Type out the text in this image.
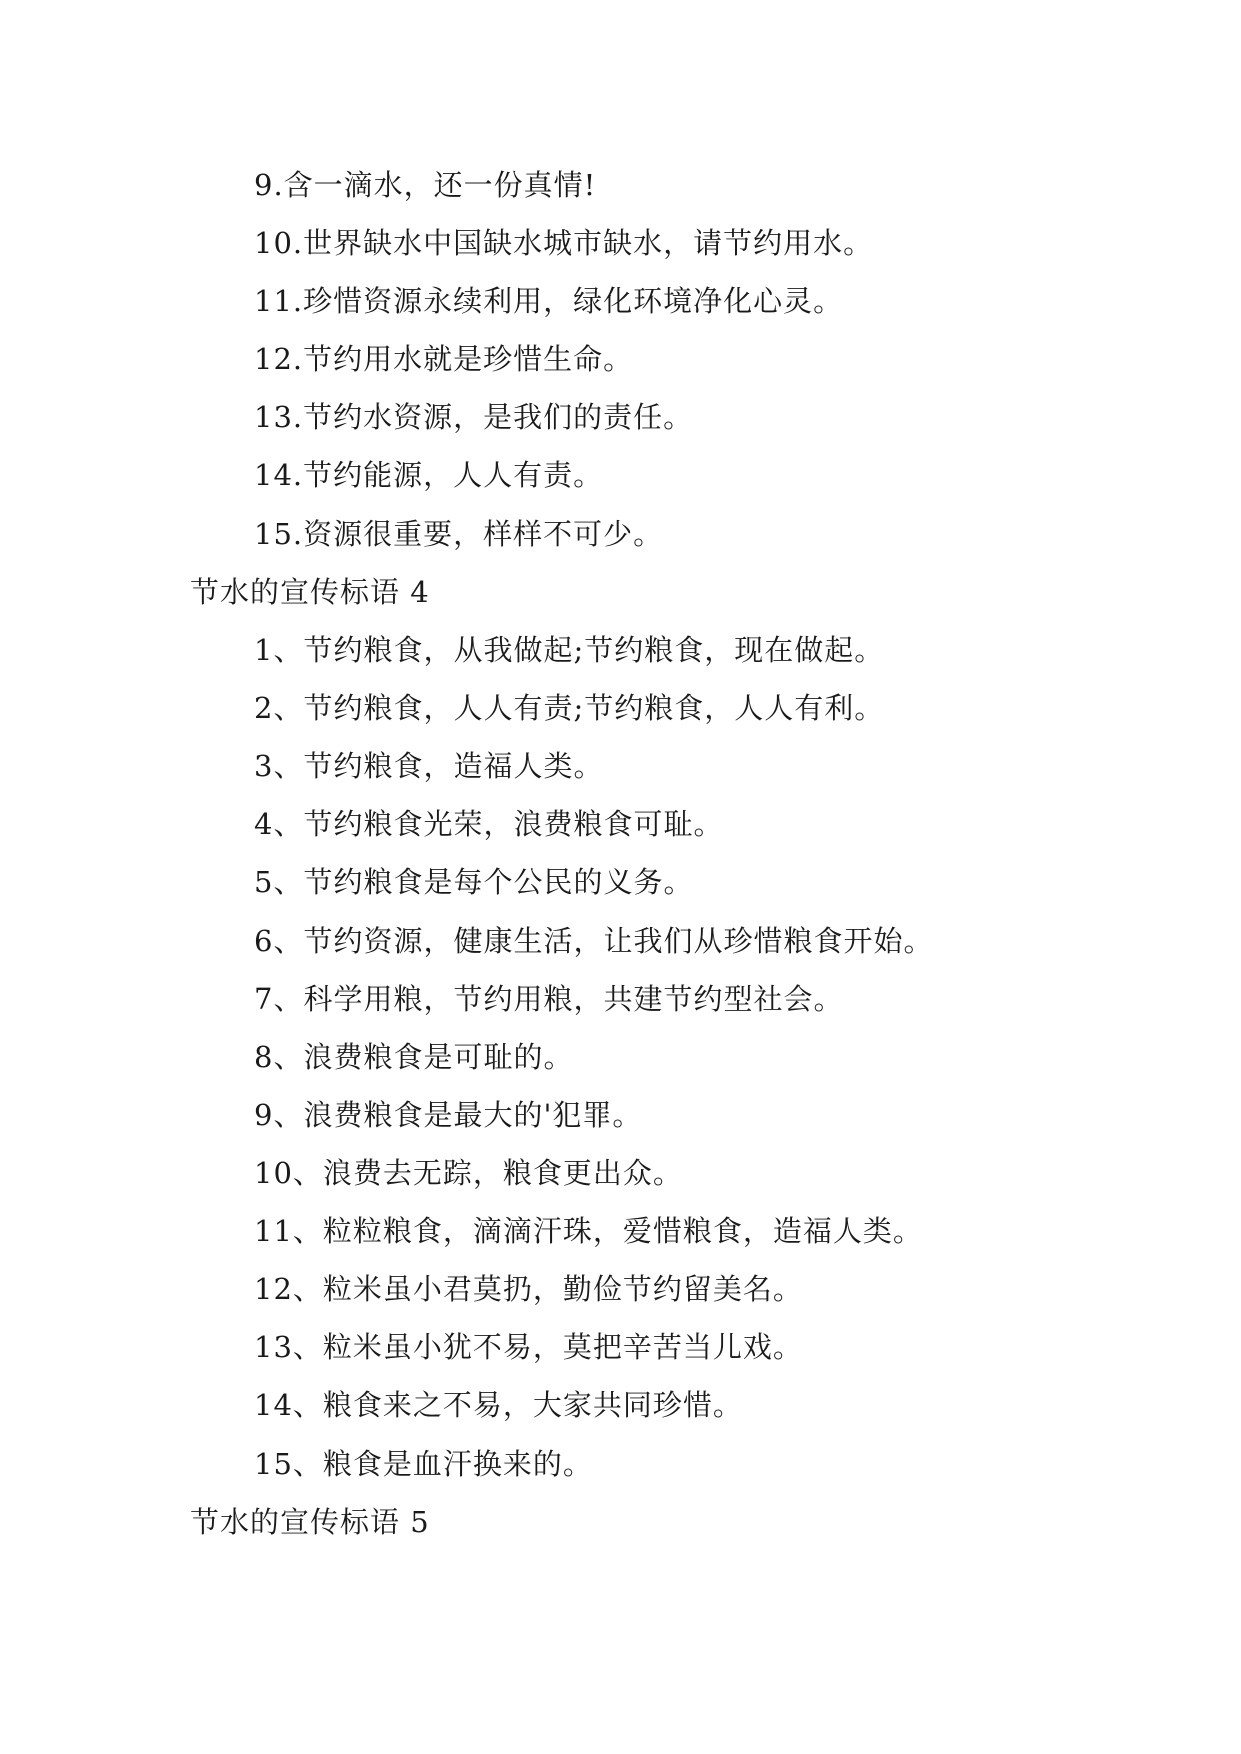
9.含一滴水，还一份真情!
10.世界缺水中国缺水城市缺水，请节约用水。
11.珍惜资源永续利用，绿化环境净化心灵。
12.节约用水就是珍惜生命。
13.节约水资源，是我们的责任。
14.节约能源，人人有责。
15.资源很重要，样样不可少。
节水的宣传标语 4
1、节约粮食，从我做起;节约粮食，现在做起。
2、节约粮食，人人有责;节约粮食，人人有利。
3、节约粮食，造福人类。
4、节约粮食光荣，浪费粮食可耻。
5、节约粮食是每个公民的义务。
6、节约资源，健康生活，让我们从珍惜粮食开始。
7、科学用粮，节约用粮，共建节约型社会。
8、浪费粮食是可耻的。
9、浪费粮食是最大的'犯罪。
10、浪费去无踪，粮食更出众。
11、粒粒粮食，滴滴汗珠，爱惜粮食，造福人类。
12、粒米虽小君莫扔，勤俭节约留美名。
13、粒米虽小犹不易，莫把辛苦当儿戏。
14、粮食来之不易，大家共同珍惜。
15、粮食是血汗换来的。
节水的宣传标语 5
